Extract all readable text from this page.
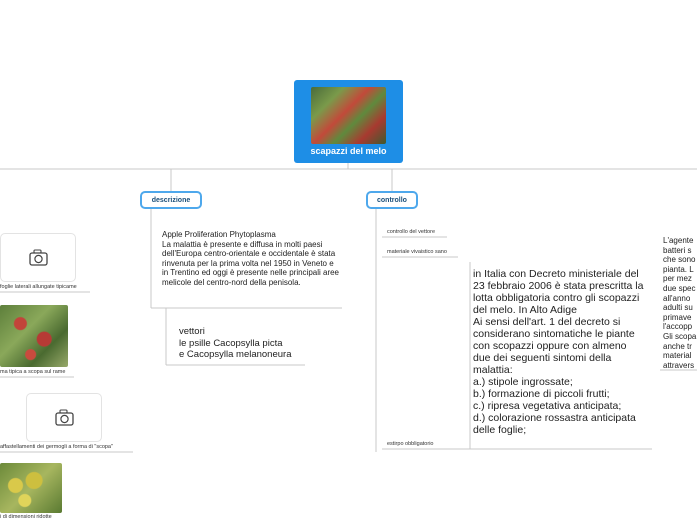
scapazzi del melo
descrizione	controllo
Apple Proliferation Phytoplasma
La malattia è presente e diffusa in molti paesi dell'Europa centro-orientale e occidentale è stata rinvenuta per la prima volta nel 1950 in Veneto e in Trentino ed oggi è presente nelle principali aree melicole del centro-nord della penisola.
vettori
le psille Cacopsylla picta
e Cacopsylla melanoneura
controllo del vettore
materiale vivaistico sano
estirpo obbligatorio
in Italia con Decreto ministeriale del 23 febbraio 2006 è stata prescritta la lotta obbligatoria contro gli scopazzi del melo. In Alto Adige
Ai sensi dell'art. 1 del decreto si considerano sintomatiche le piante con scopazzi oppure con almeno due dei seguenti sintomi della malattia:
a.) stipole ingrossate;
b.) formazione di piccoli frutti;
c.) ripresa vegetativa anticipata;
d.) colorazione rossastra anticipata delle foglie;
foglie laterali allungate tipicame
ma tipica a scopa sul rame
affastellamenti dei germogli a forma di "scopa"
i di dimensioni ridotte
L'agente
batteri s
che sono
pianta. L
per mez
due spec
all'anno
adulti su
primave
l'accopp
Gli scopa
anche tr
material
attravers
